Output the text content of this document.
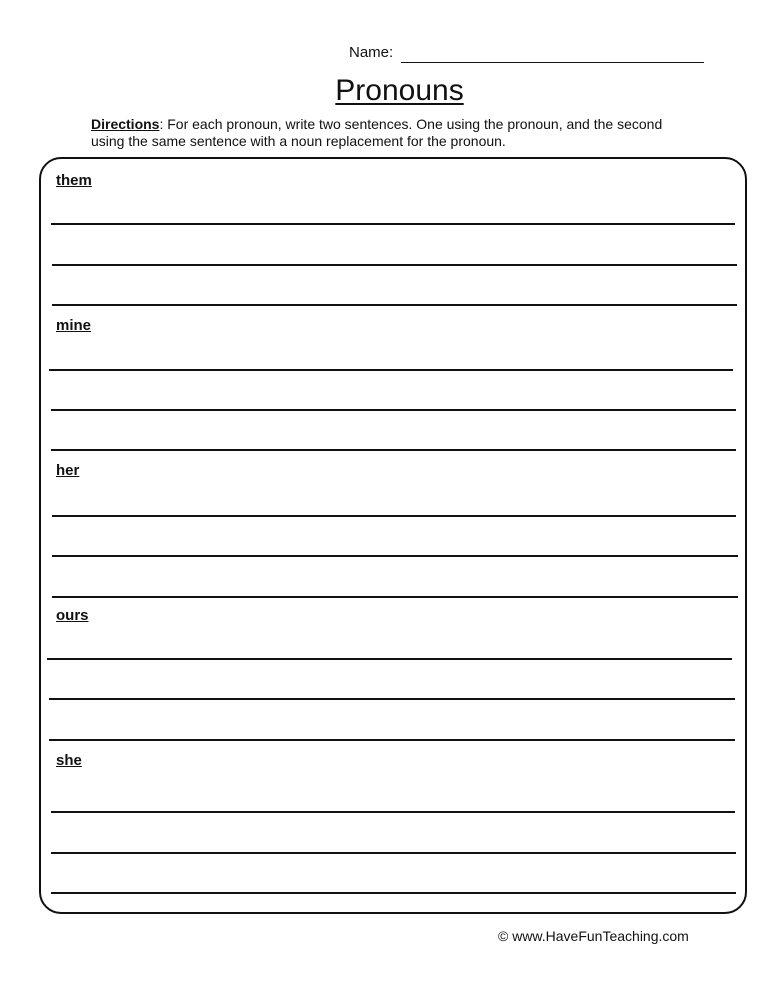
Name:
Pronouns
Directions: For each pronoun, write two sentences. One using the pronoun, and the second using the same sentence with a noun replacement for the pronoun.
them
mine
her
ours
she
© www.HaveFunTeaching.com
